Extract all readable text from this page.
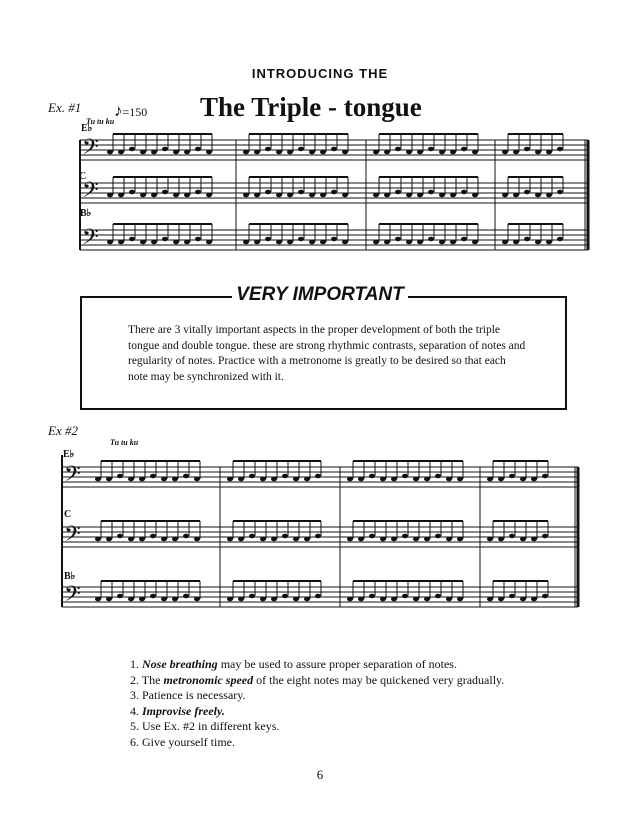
INTRODUCING THE
Ex. #1 ♪=150 The Triple - tongue
Tu tu ku
E♭
C
B♭
𝄢
𝄢
𝄢
VERY IMPORTANT
There are 3 vitally important aspects in the proper development of both the triple tongue and double tongue. these are strong rhythmic contrasts, separation of notes and regularity of notes. Practice with a metronome is greatly to be desired so that each note may be synchronized with it.
Ex #2
Tu tu ku
E♭
C
B♭
𝄢
𝄢
𝄢
1. Nose breathing may be used to assure proper separation of notes.
2. The metronomic speed of the eight notes may be quickened very gradually.
3. Patience is necessary.
4. Improvise freely.
5. Use Ex. #2 in different keys.
6. Give yourself time.
6
